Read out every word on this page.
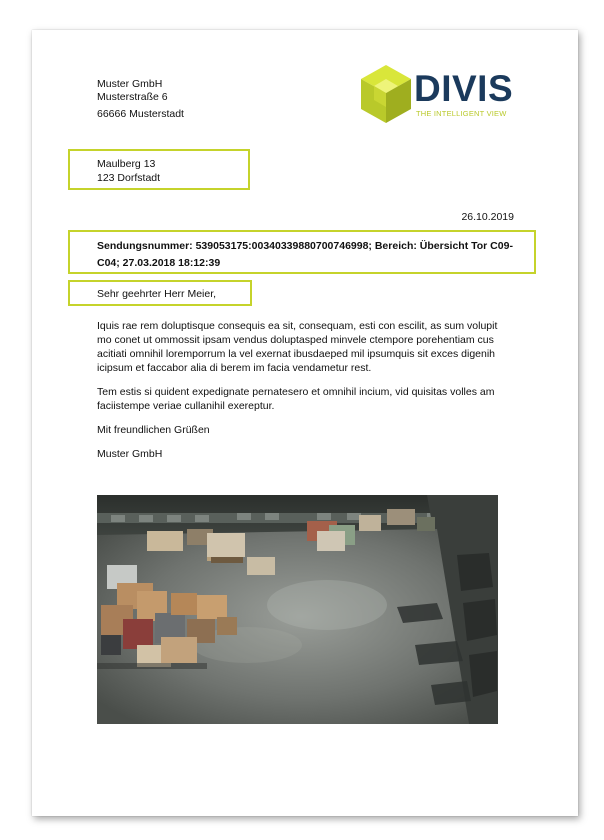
Muster GmbH
Musterstraße 6
66666 Musterstadt
DIVIS
THE INTELLIGENT VIEW
Maulberg 13
123 Dorfstadt
26.10.2019
Sendungsnummer: 539053175:00340339880700746998; Bereich: Übersicht Tor C09-C04; 27.03.2018 18:12:39
Sehr geehrter Herr Meier,

Iquis rae rem doluptisque consequis ea sit, consequam, esti con escilit, as sum volupit mo conet ut ommossit ipsam vendus doluptasped minvele ctempore porehentiam cus acitiati omnihil loremporrum la vel exernat ibusdaeped mil ipsumquis sit exces digenih icipsum et faccabor alia di berem im facia vendametur rest.

Tem estis si quident expedignate pernatesero et omnihil incium, vid quisitas volles am faciistempe veriae cullanihil exereptur.

Mit freundlichen Grüßen

Muster GmbH
